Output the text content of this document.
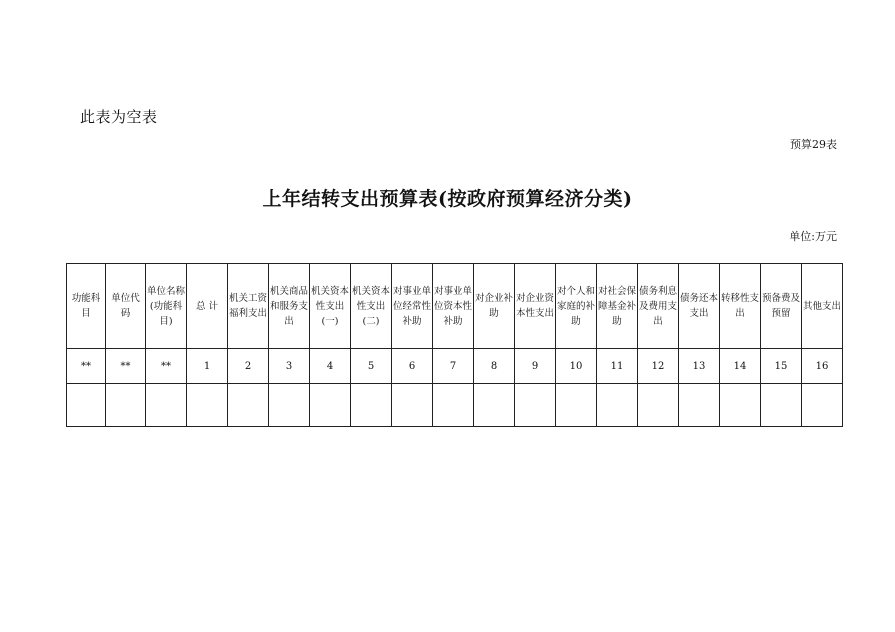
此表为空表
预算29表
上年结转支出预算表(按政府预算经济分类)
单位:万元
功能科目	单位代码	单位名称(功能科目)	总 计	机关工资福利支出	机关商品和服务支出	机关资本性支出(一)	机关资本性支出(二)	对事业单位经常性补助	对事业单位资本性补助	对企业补助	对企业资本性支出	对个人和家庭的补助	对社会保障基金补助	债务利息及费用支出	债务还本支出	转移性支出	预备费及预留	其他支出
**	**	**	1	2	3	4	5	6	7	8	9	10	11	12	13	14	15	16
